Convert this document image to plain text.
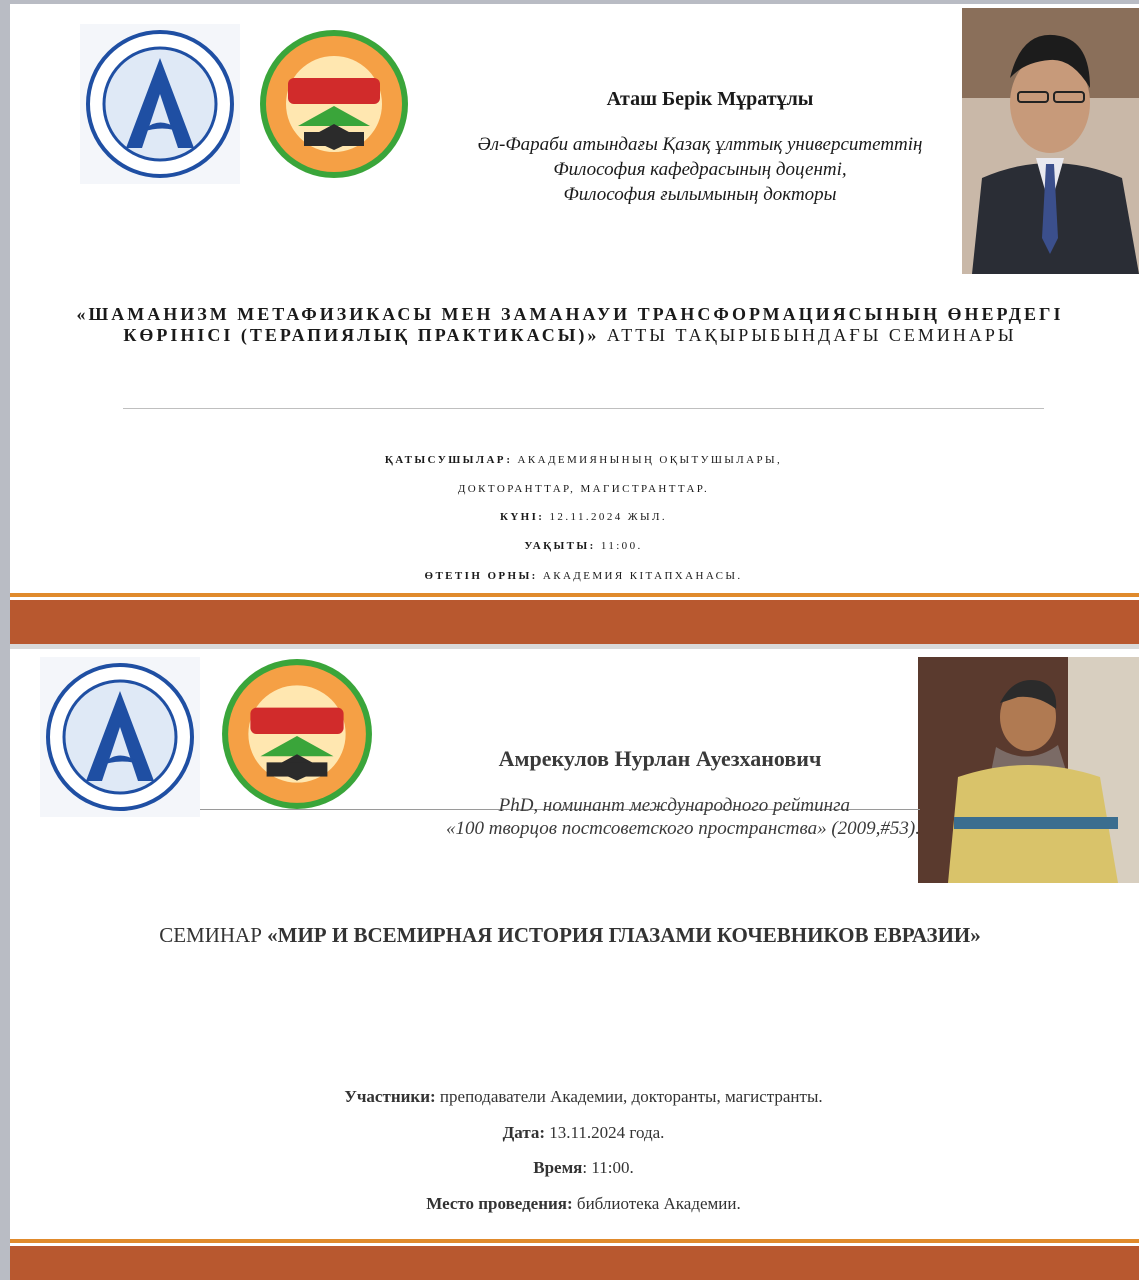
Аташ Берік Мұратұлы
Әл-Фараби атындағы Қазақ ұлттық университеттің
Философия кафедрасының доценті,
Философия ғылымының докторы
«ШАМАНИЗМ МЕТАФИЗИКАСЫ МЕН ЗАМАНАУИ ТРАНСФОРМАЦИЯСЫНЫҢ ӨНЕРДЕГІ КӨРІНІСІ (ТЕРАПИЯЛЫҚ ПРАКТИКАСЫ)» АТТЫ ТАҚЫРЫБЫНДАҒЫ СЕМИНАРЫ
ҚАТЫСУШЫЛАР: АКАДЕМИЯНЫНЫҢ ОҚЫТУШЫЛАРЫ,
ДОКТОРАНТТАР, МАГИСТРАНТТАР.
КҮНІ: 12.11.2024 ЖЫЛ.
УАҚЫТЫ: 11:00.
ӨТЕТІН ОРНЫ: АКАДЕМИЯ КІТАПХАНАСЫ.
Амрекулов Нурлан Ауезханович
PhD, номинант международного рейтинга
«100 творцов постсоветского пространства» (2009,#53).
СЕМИНАР «МИР И ВСЕМИРНАЯ ИСТОРИЯ ГЛАЗАМИ КОЧЕВНИКОВ ЕВРАЗИИ»
Участники: преподаватели Академии, докторанты, магистранты.
Дата: 13.11.2024 года.
Время: 11:00.
Место проведения: библиотека Академии.
